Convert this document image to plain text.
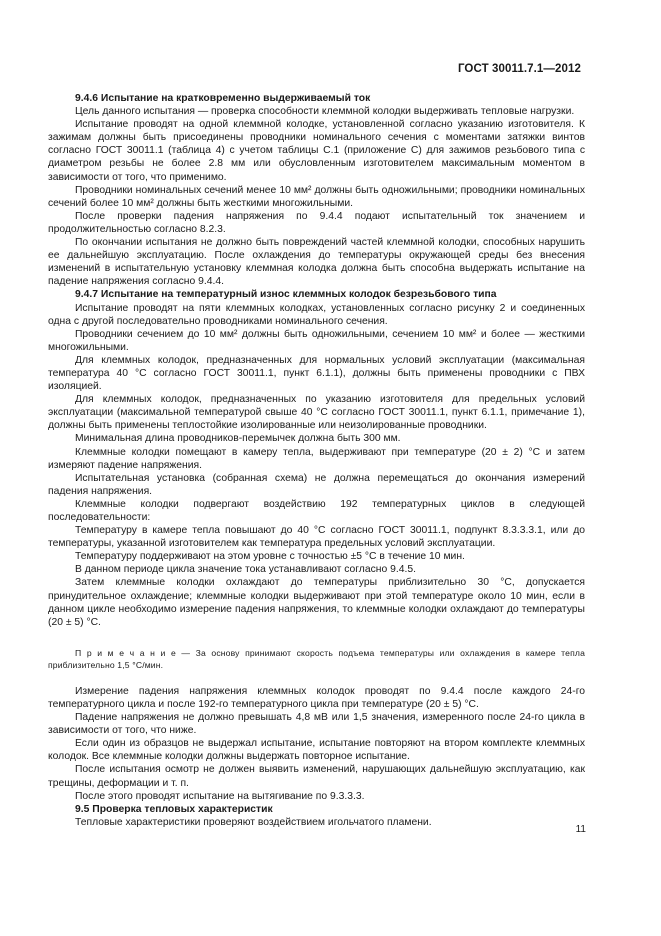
ГОСТ 30011.7.1—2012

9.4.6 Испытание на кратковременно выдерживаемый ток

Цель данного испытания — проверка способности клеммной колодки выдерживать тепловые нагрузки.

Испытание проводят на одной клеммной колодке, установленной согласно указанию изготовителя. К зажимам должны быть присоединены проводники номинального сечения с моментами затяжки винтов согласно ГОСТ 30011.1 (таблица 4) с учетом таблицы С.1 (приложение С) для зажимов резьбового типа с диаметром резьбы не более 2.8 мм или обусловленным изготовителем максимальным моментом в зависимости от того, что применимо.

Проводники номинальных сечений менее 10 мм² должны быть одножильными; проводники номинальных сечений более 10 мм² должны быть жесткими многожильными.

После проверки падения напряжения по 9.4.4 подают испытательный ток значением и продолжительностью согласно 8.2.3.

По окончании испытания не должно быть повреждений частей клеммной колодки, способных нарушить ее дальнейшую эксплуатацию. После охлаждения до температуры окружающей среды без внесения изменений в испытательную установку клеммная колодка должна быть способна выдержать испытание на падение напряжения согласно 9.4.4.

9.4.7 Испытание на температурный износ клеммных колодок безрезьбового типа

Испытание проводят на пяти клеммных колодках, установленных согласно рисунку 2 и соединенных одна с другой последовательно проводниками номинального сечения.

Проводники сечением до 10 мм² должны быть одножильными, сечением 10 мм² и более — жесткими многожильными.

Для клеммных колодок, предназначенных для нормальных условий эксплуатации (максимальная температура 40 °С согласно ГОСТ 30011.1, пункт 6.1.1), должны быть применены проводники с ПВХ изоляцией.

Для клеммных колодок, предназначенных по указанию изготовителя для предельных условий эксплуатации (максимальной температурой свыше 40 °С согласно ГОСТ 30011.1, пункт 6.1.1, примечание 1), должны быть применены теплостойкие изолированные или неизолированные проводники.

Минимальная длина проводников-перемычек должна быть 300 мм.

Клеммные колодки помещают в камеру тепла, выдерживают при температуре (20 ± 2) °С и затем измеряют падение напряжения.

Испытательная установка (собранная схема) не должна перемещаться до окончания измерений падения напряжения.

Клеммные колодки подвергают воздействию 192 температурных циклов в следующей последовательности:

Температуру в камере тепла повышают до 40 °С согласно ГОСТ 30011.1, подпункт 8.3.3.3.1, или до температуры, указанной изготовителем как температура предельных условий эксплуатации.

Температуру поддерживают на этом уровне с точностью ±5 °С в течение 10 мин.

В данном периоде цикла значение тока устанавливают согласно 9.4.5.

Затем клеммные колодки охлаждают до температуры приблизительно 30 °С, допускается принудительное охлаждение; клеммные колодки выдерживают при этой температуре около 10 мин, если в данном цикле необходимо измерение падения напряжения, то клеммные колодки охлаждают до температуры (20 ± 5) °С.

П р и м е ч а н и е — За основу принимают скорость подъема температуры или охлаждения в камере тепла приблизительно 1,5 °С/мин.

Измерение падения напряжения клеммных колодок проводят по 9.4.4 после каждого 24-го температурного цикла и после 192-го температурного цикла при температуре (20 ± 5) °С.

Падение напряжения не должно превышать 4,8 мВ или 1,5 значения, измеренного после 24-го цикла в зависимости от того, что ниже.

Если один из образцов не выдержал испытание, испытание повторяют на втором комплекте клеммных колодок. Все клеммные колодки должны выдержать повторное испытание.

После испытания осмотр не должен выявить изменений, нарушающих дальнейшую эксплуатацию, как трещины, деформации и т. п.

После этого проводят испытание на вытягивание по 9.3.3.3.

9.5 Проверка тепловых характеристик

Тепловые характеристики проверяют воздействием игольчатого пламени.

11
